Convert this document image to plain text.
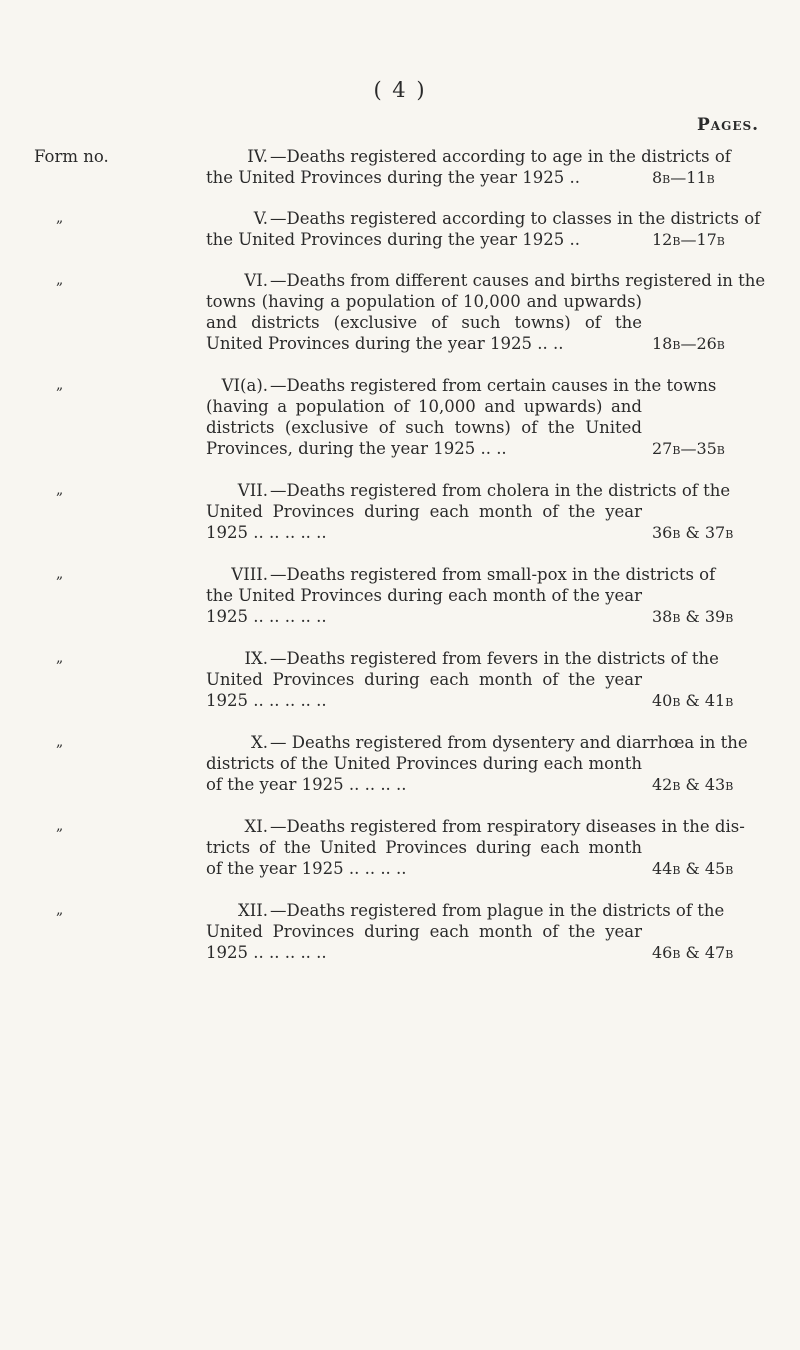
( 4 )
Pages.
Form no.	IV. —Deaths registered according to age in the districts of
the United Provinces during the year 1925 ..	8b—11b
„	V. —Deaths registered according to classes in the districts of
the United Provinces during the year 1925 ..	12b—17b
„	VI. —Deaths from different causes and births registered in the
towns (having a population of 10,000 and upwards)
and districts (exclusive of such towns) of the
United Provinces during the year 1925 .. ..	18b—26b
„	VI(a). —Deaths registered from certain causes in the towns
(having a population of 10,000 and upwards) and
districts (exclusive of such towns) of the United
Provinces, during the year 1925 .. ..	27b—35b
„	VII. —Deaths registered from cholera in the districts of the
United Provinces during each month of the year
1925 .. .. .. .. ..	36b & 37b
„	VIII. —Deaths registered from small-pox in the districts of
the United Provinces during each month of the year
1925 .. .. .. .. ..	38b & 39b
„	IX. —Deaths registered from fevers in the districts of the
United Provinces during each month of the year
1925 .. .. .. .. ..	40b & 41b
„	X. — Deaths registered from dysentery and diarrhœa in the
districts of the United Provinces during each month
of the year 1925 .. .. .. ..	42b & 43b
„	XI. —Deaths registered from respiratory diseases in the dis-
tricts of the United Provinces during each month
of the year 1925 .. .. .. ..	44b & 45b
„	XII. —Deaths registered from plague in the districts of the
United Provinces during each month of the year
1925 .. .. .. .. ..	46b & 47b
